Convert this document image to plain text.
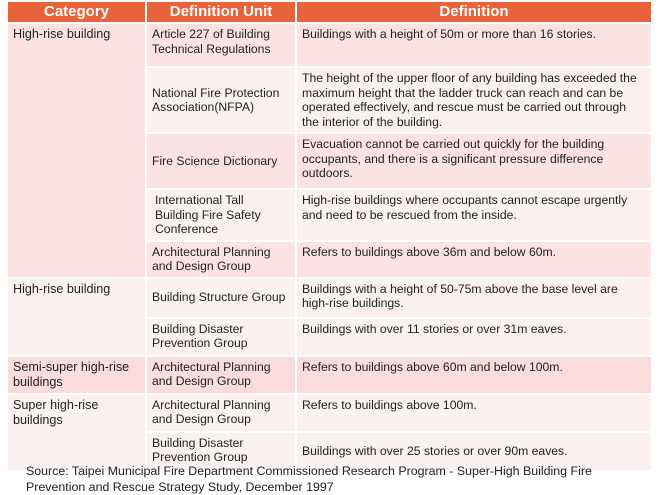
Category	Definition Unit	Definition
High-rise building	Article 227 of Building Technical Regulations	Buildings with a height of 50m or more than 16 stories.
	National Fire Protection Association(NFPA)	The height of the upper floor of any building has exceeded the maximum height that the ladder truck can reach and can be operated effectively, and rescue must be carried out through the interior of the building.
	Fire Science Dictionary	Evacuation cannot be carried out quickly for the building occupants, and there is a significant pressure difference outdoors.
	International Tall Building Fire Safety Conference	High-rise buildings where occupants cannot escape urgently and need to be rescued from the inside.
	Architectural Planning and Design Group	Refers to buildings above 36m and below 60m.
High-rise building	Building Structure Group	Buildings with a height of 50-75m above the base level are high-rise buildings.
	Building Disaster Prevention Group	Buildings with over 11 stories or over 31m eaves.
Semi-super high-rise buildings	Architectural Planning and Design Group	Refers to buildings above 60m and below 100m.
Super high-rise buildings	Architectural Planning and Design Group	Refers to buildings above 100m.
	Building Disaster Prevention Group	Buildings with over 25 stories or over 90m eaves.
Source: Taipei Municipal Fire Department Commissioned Research Program - Super-High Building Fire Prevention and Rescue Strategy Study, December 1997
